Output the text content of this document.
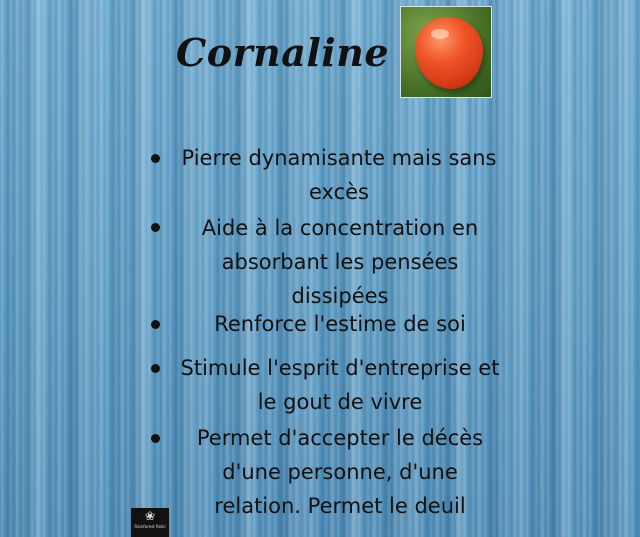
Cornaline
Pierre dynamisante mais sans excès
Aide à la concentration en absorbant les pensées dissipées
Renforce l'estime de soi
Stimule l'esprit d'entreprise et le gout de vivre
Permet d'accepter le décès d'une personne, d'une relation. Permet le deuil
❀
Rainforest Reiki
